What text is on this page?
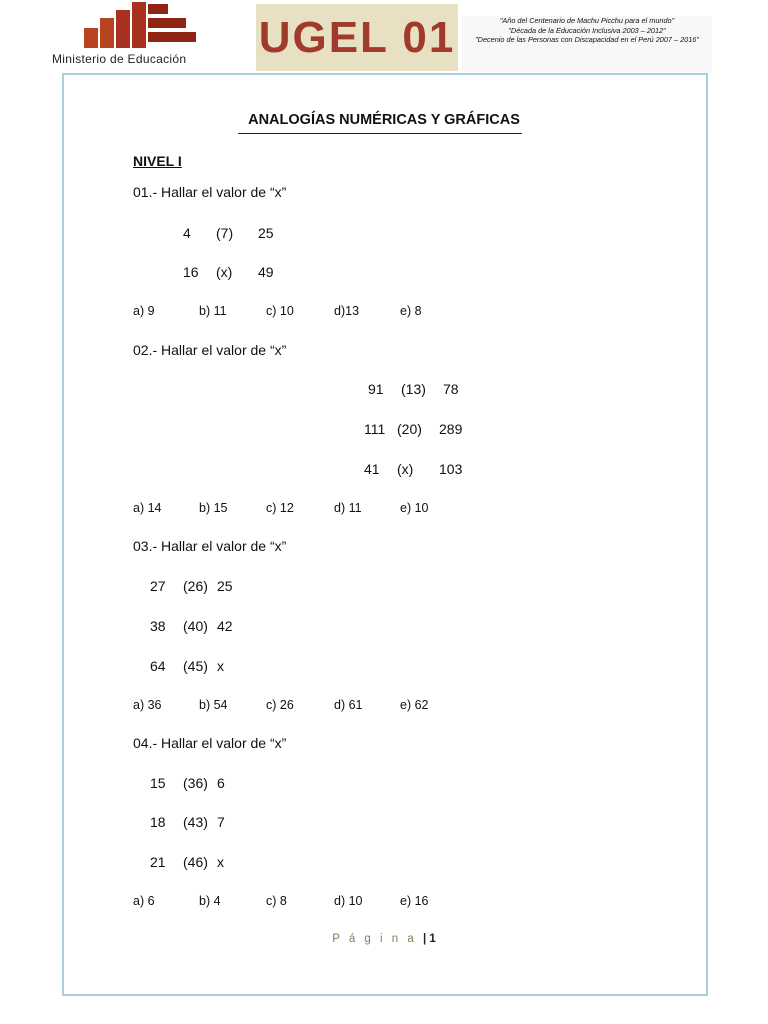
Ministerio de Educación UGEL 01	"Año del Centenario de Machu Picchu para el mundo"
"Década de la Educación Inclusiva 2003 – 2012"
"Decenio de las Personas con Discapacidad en el Perú 2007 – 2016"
ANALOGÍAS NUMÉRICAS Y GRÁFICAS
NIVEL I
01.- Hallar el valor de “x”
4 (7) 25
16 (x) 49
a) 9	b) 11	c) 10	d)13	e) 8
02.- Hallar el valor de “x”
91 (13) 78
111 (20) 289
41 (x) 103
a) 14	b) 15	c) 12	d) 11	e) 10
03.- Hallar el valor de “x”
27 (26) 25
38 (40) 42
64 (45) x
a) 36	b) 54	c) 26	d) 61	e) 62
04.- Hallar el valor de “x”
15 (36) 6
18 (43) 7
21 (46) x
a) 6	b) 4	c) 8	d) 10	e) 16
P á g i n a | 1
